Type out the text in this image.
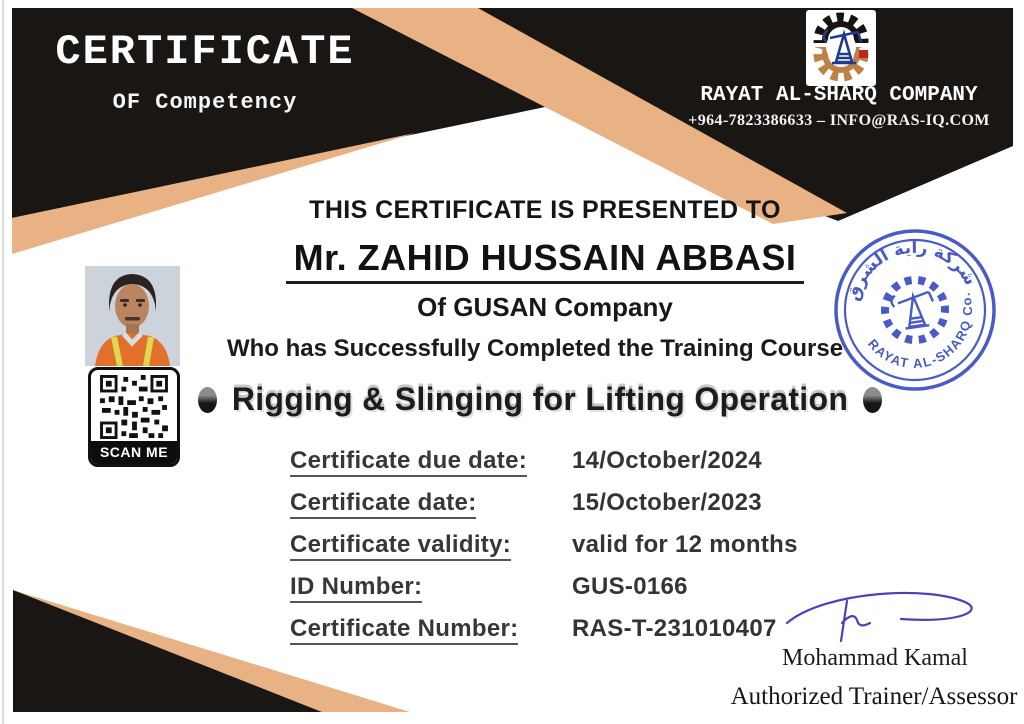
CERTIFICATE
OF Competency	RAYAT AL-SHARQ COMPANY
+964-7823386633 – INFO@RAS-IQ.COM
SCAN ME
THIS CERTIFICATE IS PRESENTED TO
Mr. ZAHID HUSSAIN ABBASI
Of GUSAN Company
Who has Successfully Completed the Training Course
Rigging & Slinging for Lifting Operation
شركة راية الشرق
RAYAT AL-SHARQ Co.
Certificate due date:	14/October/2024
Certificate date:	15/October/2023
Certificate validity:	valid for 12 months
ID Number:	GUS-0166
Certificate Number:	RAS-T-231010407
Mohammad Kamal
Authorized Trainer/Assessor
